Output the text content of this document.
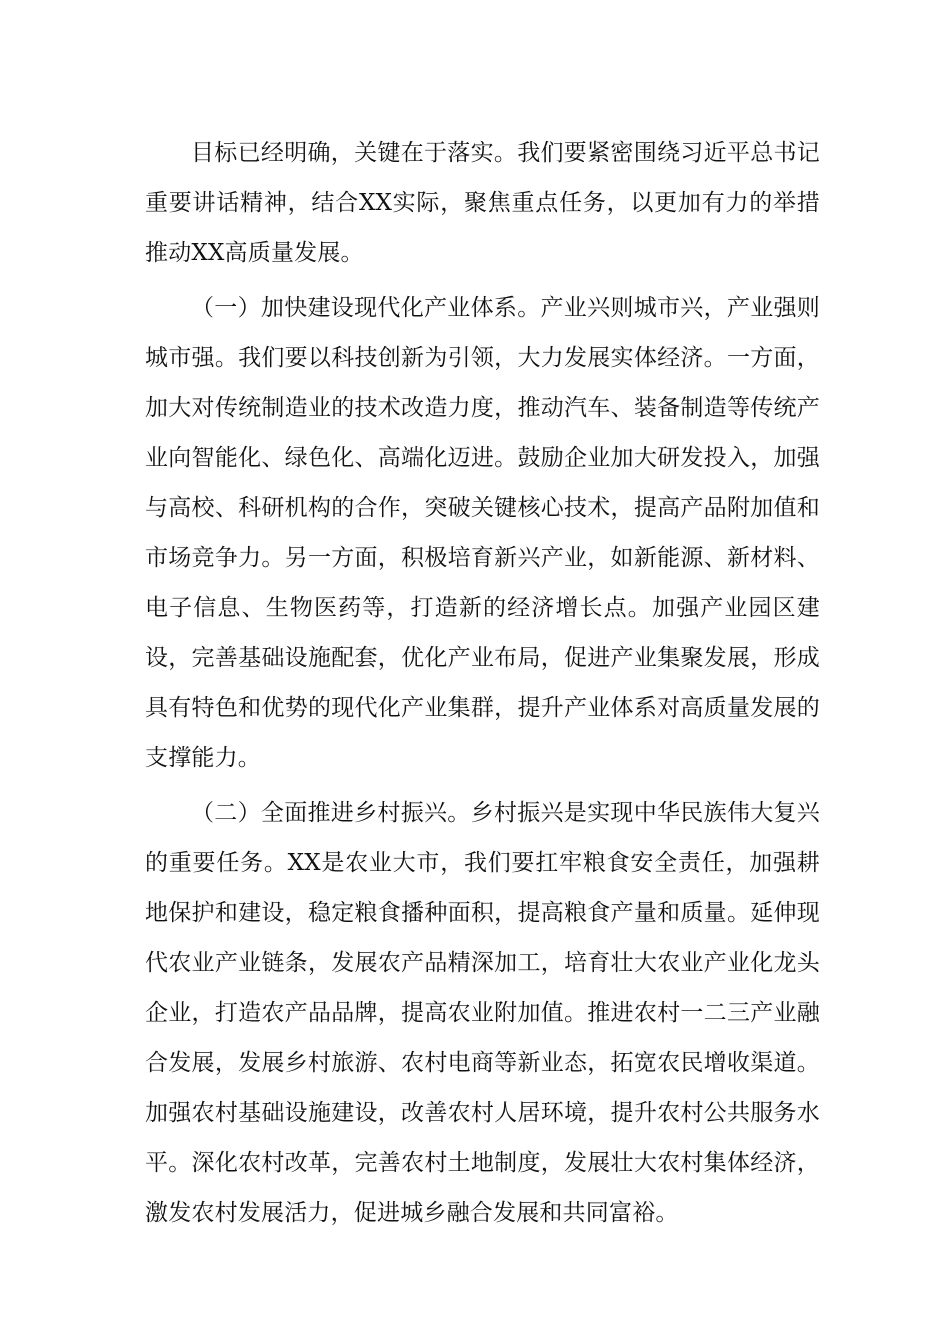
目标已经明确，关键在于落实。我们要紧密围绕习近平总书记重要讲话精神，结合XX实际，聚焦重点任务，以更加有力的举措推动XX高质量发展。

（一）加快建设现代化产业体系。产业兴则城市兴，产业强则城市强。我们要以科技创新为引领，大力发展实体经济。一方面，加大对传统制造业的技术改造力度，推动汽车、装备制造等传统产业向智能化、绿色化、高端化迈进。鼓励企业加大研发投入，加强与高校、科研机构的合作，突破关键核心技术，提高产品附加值和市场竞争力。另一方面，积极培育新兴产业，如新能源、新材料、电子信息、生物医药等，打造新的经济增长点。加强产业园区建设，完善基础设施配套，优化产业布局，促进产业集聚发展，形成具有特色和优势的现代化产业集群，提升产业体系对高质量发展的支撑能力。

（二）全面推进乡村振兴。乡村振兴是实现中华民族伟大复兴的重要任务。XX是农业大市，我们要扛牢粮食安全责任，加强耕地保护和建设，稳定粮食播种面积，提高粮食产量和质量。延伸现代农业产业链条，发展农产品精深加工，培育壮大农业产业化龙头企业，打造农产品品牌，提高农业附加值。推进农村一二三产业融合发展，发展乡村旅游、农村电商等新业态，拓宽农民增收渠道。加强农村基础设施建设，改善农村人居环境，提升农村公共服务水平。深化农村改革，完善农村土地制度，发展壮大农村集体经济，激发农村发展活力，促进城乡融合发展和共同富裕。
